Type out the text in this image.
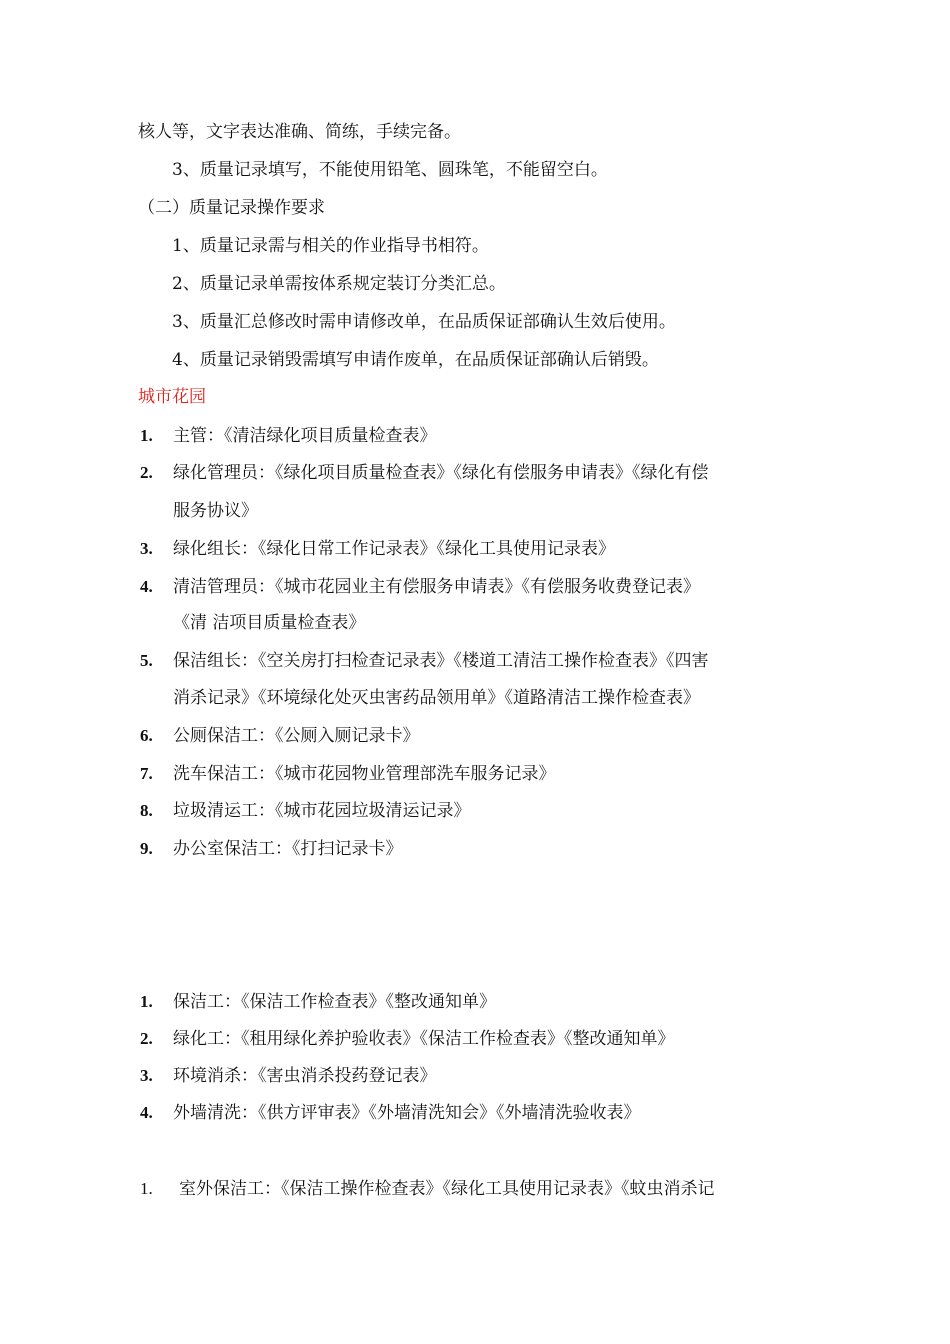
核人等，文字表达准确、简练，手续完备。
3、质量记录填写，不能使用铅笔、圆珠笔，不能留空白。
（二）质量记录操作要求
1、质量记录需与相关的作业指导书相符。
2、质量记录单需按体系规定装订分类汇总。
3、质量汇总修改时需申请修改单，在品质保证部确认生效后使用。
4、质量记录销毁需填写申请作废单，在品质保证部确认后销毁。
城市花园
1. 主管：《清洁绿化项目质量检查表》
2. 绿化管理员：《绿化项目质量检查表》《绿化有偿服务申请表》《绿化有偿
服务协议》
3. 绿化组长：《绿化日常工作记录表》《绿化工具使用记录表》
4. 清洁管理员：《城市花园业主有偿服务申请表》《有偿服务收费登记表》
《清 洁项目质量检查表》
5. 保洁组长：《空关房打扫检查记录表》《楼道工清洁工操作检查表》《四害
消杀记录》《环境绿化处灭虫害药品领用单》《道路清洁工操作检查表》
6. 公厕保洁工：《公厕入厕记录卡》
7. 洗车保洁工：《城市花园物业管理部洗车服务记录》
8. 垃圾清运工：《城市花园垃圾清运记录》
9. 办公室保洁工：《打扫记录卡》
1. 保洁工：《保洁工作检查表》《整改通知单》
2. 绿化工：《租用绿化养护验收表》《保洁工作检查表》《整改通知单》
3. 环境消杀：《害虫消杀投药登记表》
4. 外墙清洗：《供方评审表》《外墙清洗知会》《外墙清洗验收表》
1. 室外保洁工：《保洁工操作检查表》《绿化工具使用记录表》《蚊虫消杀记
